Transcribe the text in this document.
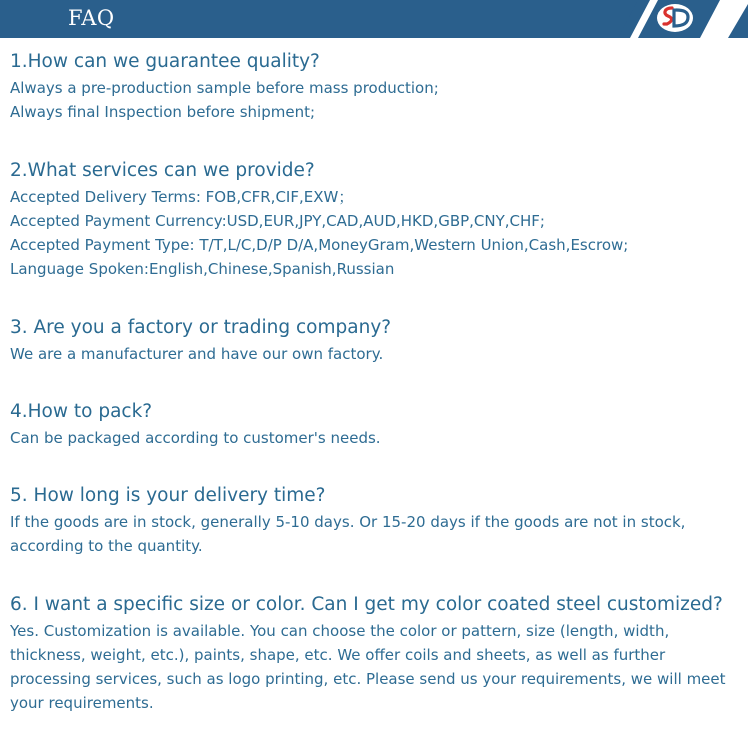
FAQ
1.How can we guarantee quality?

Always a pre-production sample before mass production;

Always final Inspection before shipment;

2.What services can we provide?

Accepted Delivery Terms: FOB,CFR,CIF,EXW；

Accepted Payment Currency:USD,EUR,JPY,CAD,AUD,HKD,GBP,CNY,CHF;

Accepted Payment Type: T/T,L/C,D/P D/A,MoneyGram,Western Union,Cash,Escrow;

Language Spoken:English,Chinese,Spanish,Russian

3. Are you a factory or trading company?

We are a manufacturer and have our own factory.

4.How to pack?

Can be packaged according to customer's needs.

5. How long is your delivery time?

If the goods are in stock, generally 5-10 days. Or 15-20 days if the goods are not in stock, according to the quantity.

6. I want a specific size or color. Can I get my color coated steel customized?

Yes. Customization is available. You can choose the color or pattern, size (length, width, thickness, weight, etc.), paints, shape, etc. We offer coils and sheets, as well as further processing services, such as logo printing, etc. Please send us your requirements, we will meet your requirements.
